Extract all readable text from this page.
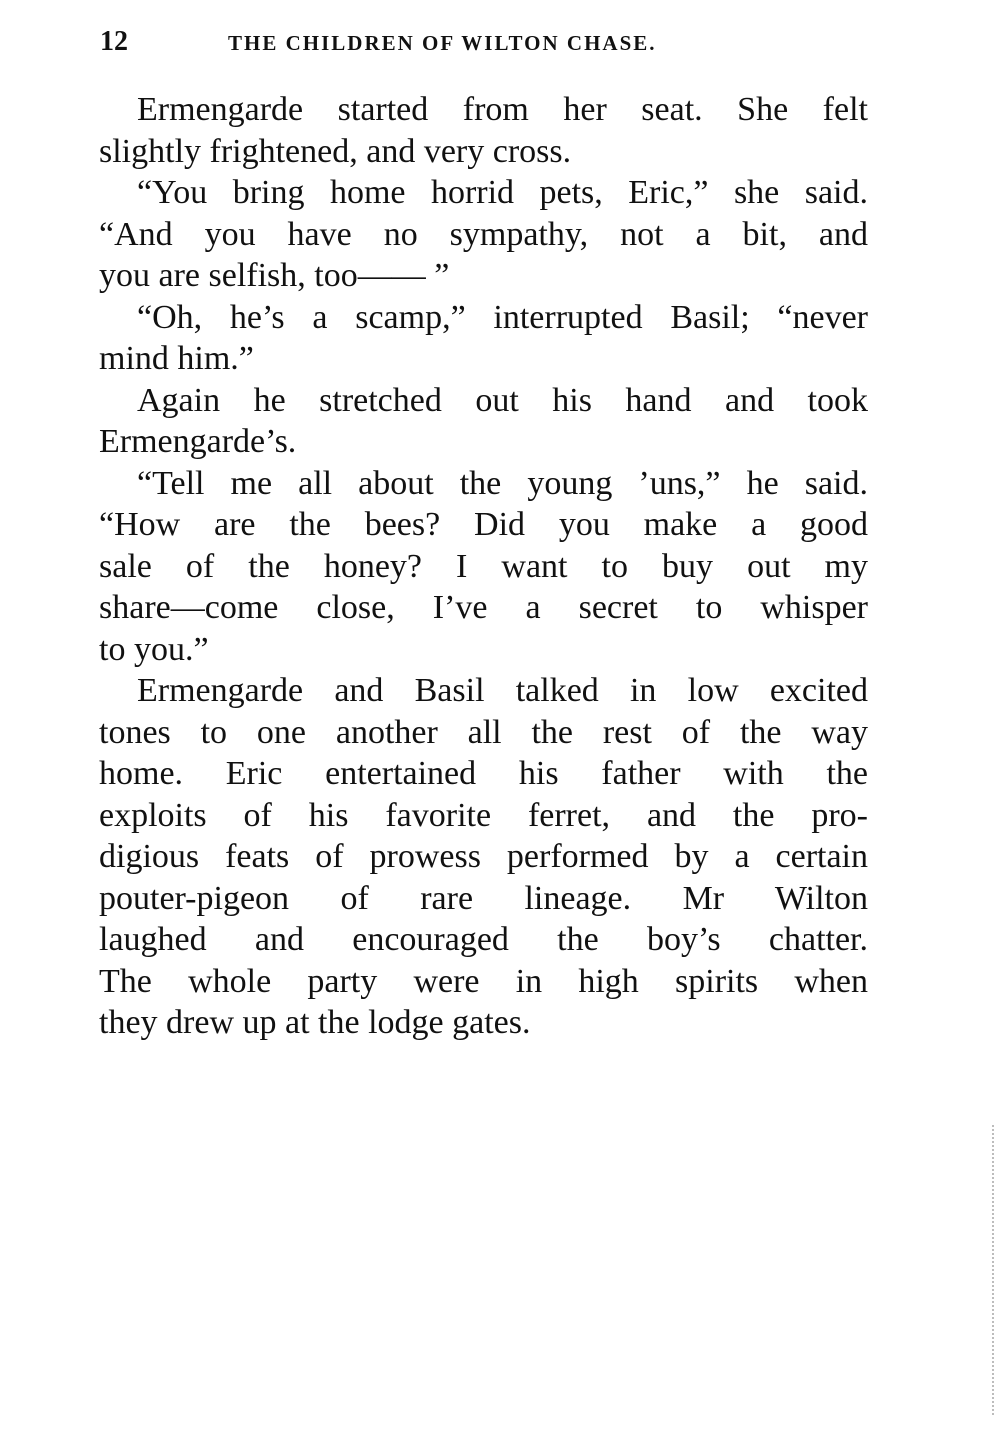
12	THE CHILDREN OF WILTON CHASE.
Ermengarde started from her seat. She felt
slightly frightened, and very cross.
“You bring home horrid pets, Eric,” she said.
“And you have no sympathy, not a bit, and
you are selfish, too—— ”
“Oh, he’s a scamp,” interrupted Basil; “never
mind him.”
Again he stretched out his hand and took
Ermengarde’s.
“Tell me all about the young ’uns,” he said.
“How are the bees? Did you make a good
sale of the honey? I want to buy out my
share—come close, I’ve a secret to whisper
to you.”
Ermengarde and Basil talked in low excited
tones to one another all the rest of the way
home. Eric entertained his father with the
exploits of his favorite ferret, and the pro-
digious feats of prowess performed by a certain
pouter-pigeon of rare lineage. Mr Wilton
laughed and encouraged the boy’s chatter.
The whole party were in high spirits when
they drew up at the lodge gates.
